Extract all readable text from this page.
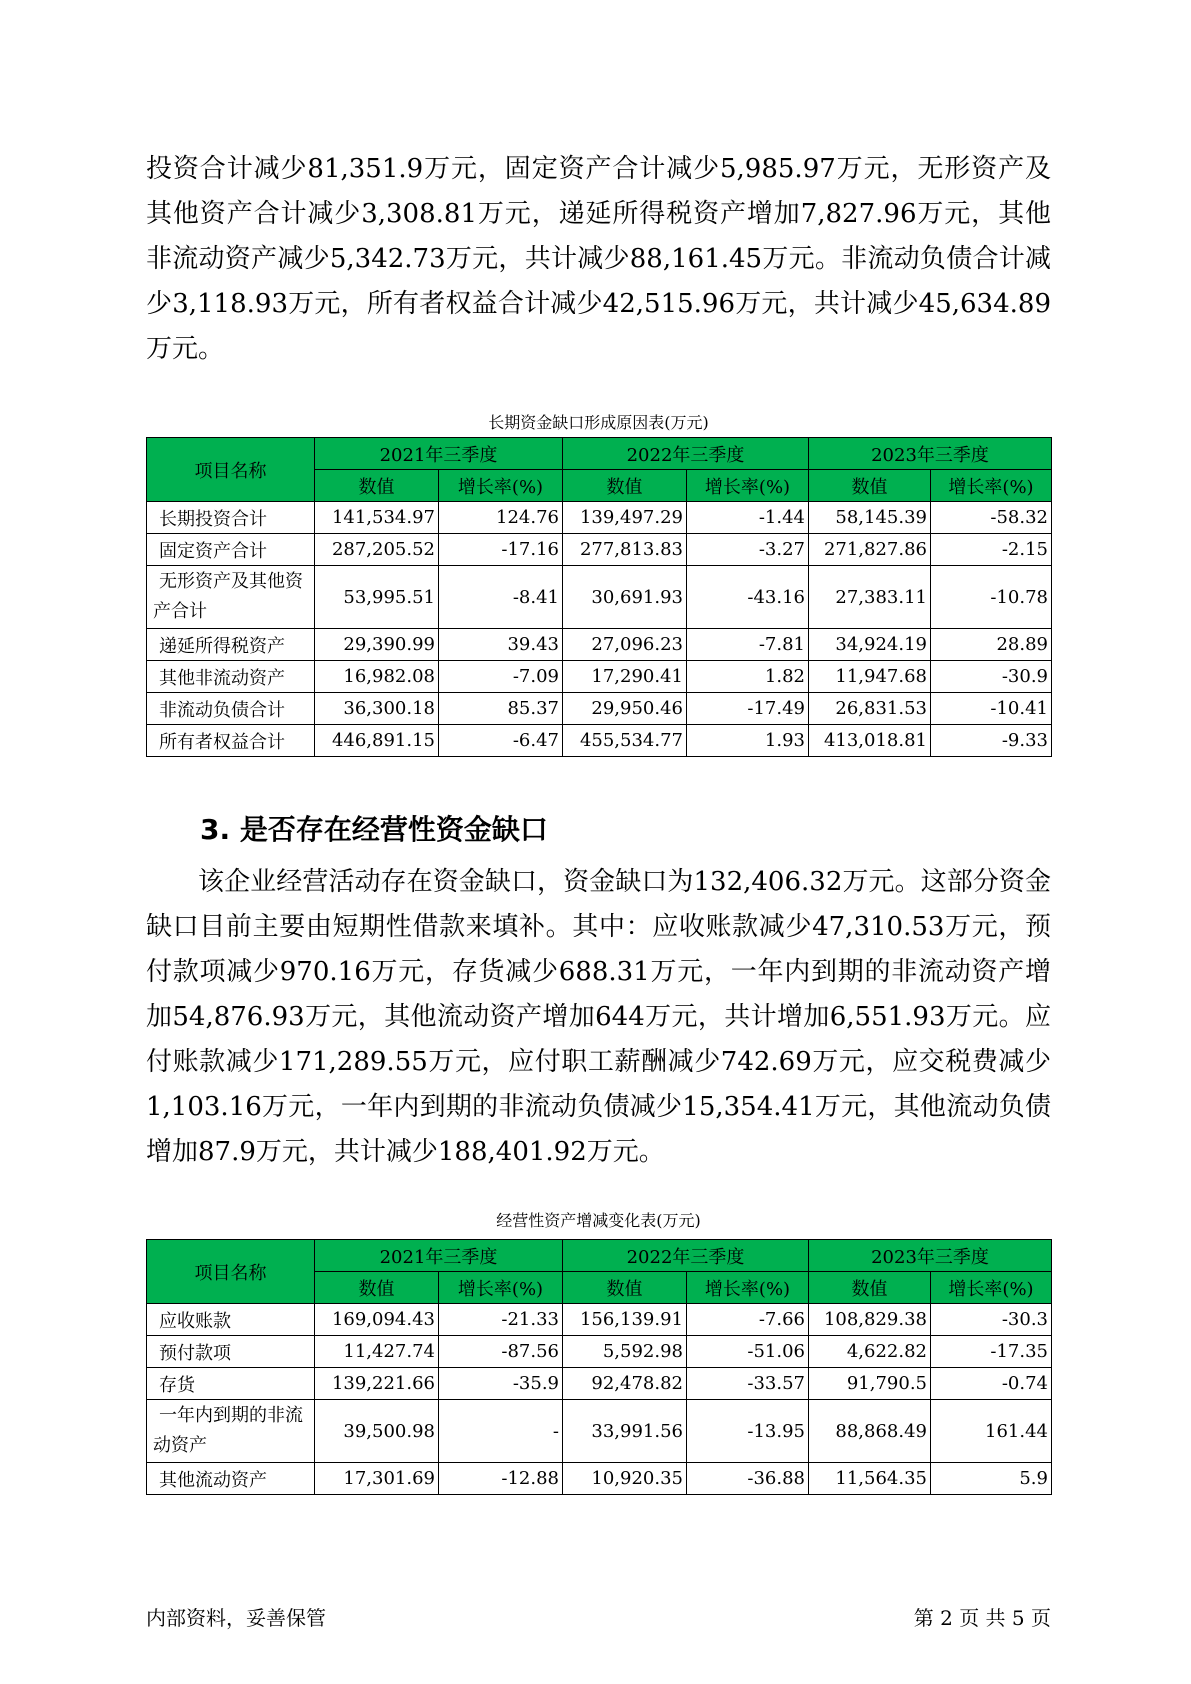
投资合计减少81,351.9万元，固定资产合计减少5,985.97万元，无形资产及其他资产合计减少3,308.81万元，递延所得税资产增加7,827.96万元，其他非流动资产减少5,342.73万元，共计减少88,161.45万元。非流动负债合计减少3,118.93万元，所有者权益合计减少42,515.96万元，共计减少45,634.89万元。

长期资金缺口形成原因表(万元)
项目名称	2021年三季度		2022年三季度		2023年三季度	
	数值	增长率(%)	数值	增长率(%)	数值	增长率(%)
长期投资合计	141,534.97	124.76	139,497.29	-1.44	58,145.39	-58.32
固定资产合计	287,205.52	-17.16	277,813.83	-3.27	271,827.86	-2.15
无形资产及其他资产合计	53,995.51	-8.41	30,691.93	-43.16	27,383.11	-10.78
递延所得税资产	29,390.99	39.43	27,096.23	-7.81	34,924.19	28.89
其他非流动资产	16,982.08	-7.09	17,290.41	1.82	11,947.68	-30.9
非流动负债合计	36,300.18	85.37	29,950.46	-17.49	26,831.53	-10.41
所有者权益合计	446,891.15	-6.47	455,534.77	1.93	413,018.81	-9.33
3. 是否存在经营性资金缺口

该企业经营活动存在资金缺口，资金缺口为132,406.32万元。这部分资金缺口目前主要由短期性借款来填补。其中：应收账款减少47,310.53万元，预付款项减少970.16万元，存货减少688.31万元，一年内到期的非流动资产增加54,876.93万元，其他流动资产增加644万元，共计增加6,551.93万元。应付账款减少171,289.55万元，应付职工薪酬减少742.69万元，应交税费减少1,103.16万元，一年内到期的非流动负债减少15,354.41万元，其他流动负债增加87.9万元，共计减少188,401.92万元。

经营性资产增减变化表(万元)
项目名称	2021年三季度		2022年三季度		2023年三季度	
	数值	增长率(%)	数值	增长率(%)	数值	增长率(%)
应收账款	169,094.43	-21.33	156,139.91	-7.66	108,829.38	-30.3
预付款项	11,427.74	-87.56	5,592.98	-51.06	4,622.82	-17.35
存货	139,221.66	-35.9	92,478.82	-33.57	91,790.5	-0.74
一年内到期的非流动资产	39,500.98	-	33,991.56	-13.95	88,868.49	161.44
其他流动资产	17,301.69	-12.88	10,920.35	-36.88	11,564.35	5.9
内部资料，妥善保管	第 2 页 共 5 页
